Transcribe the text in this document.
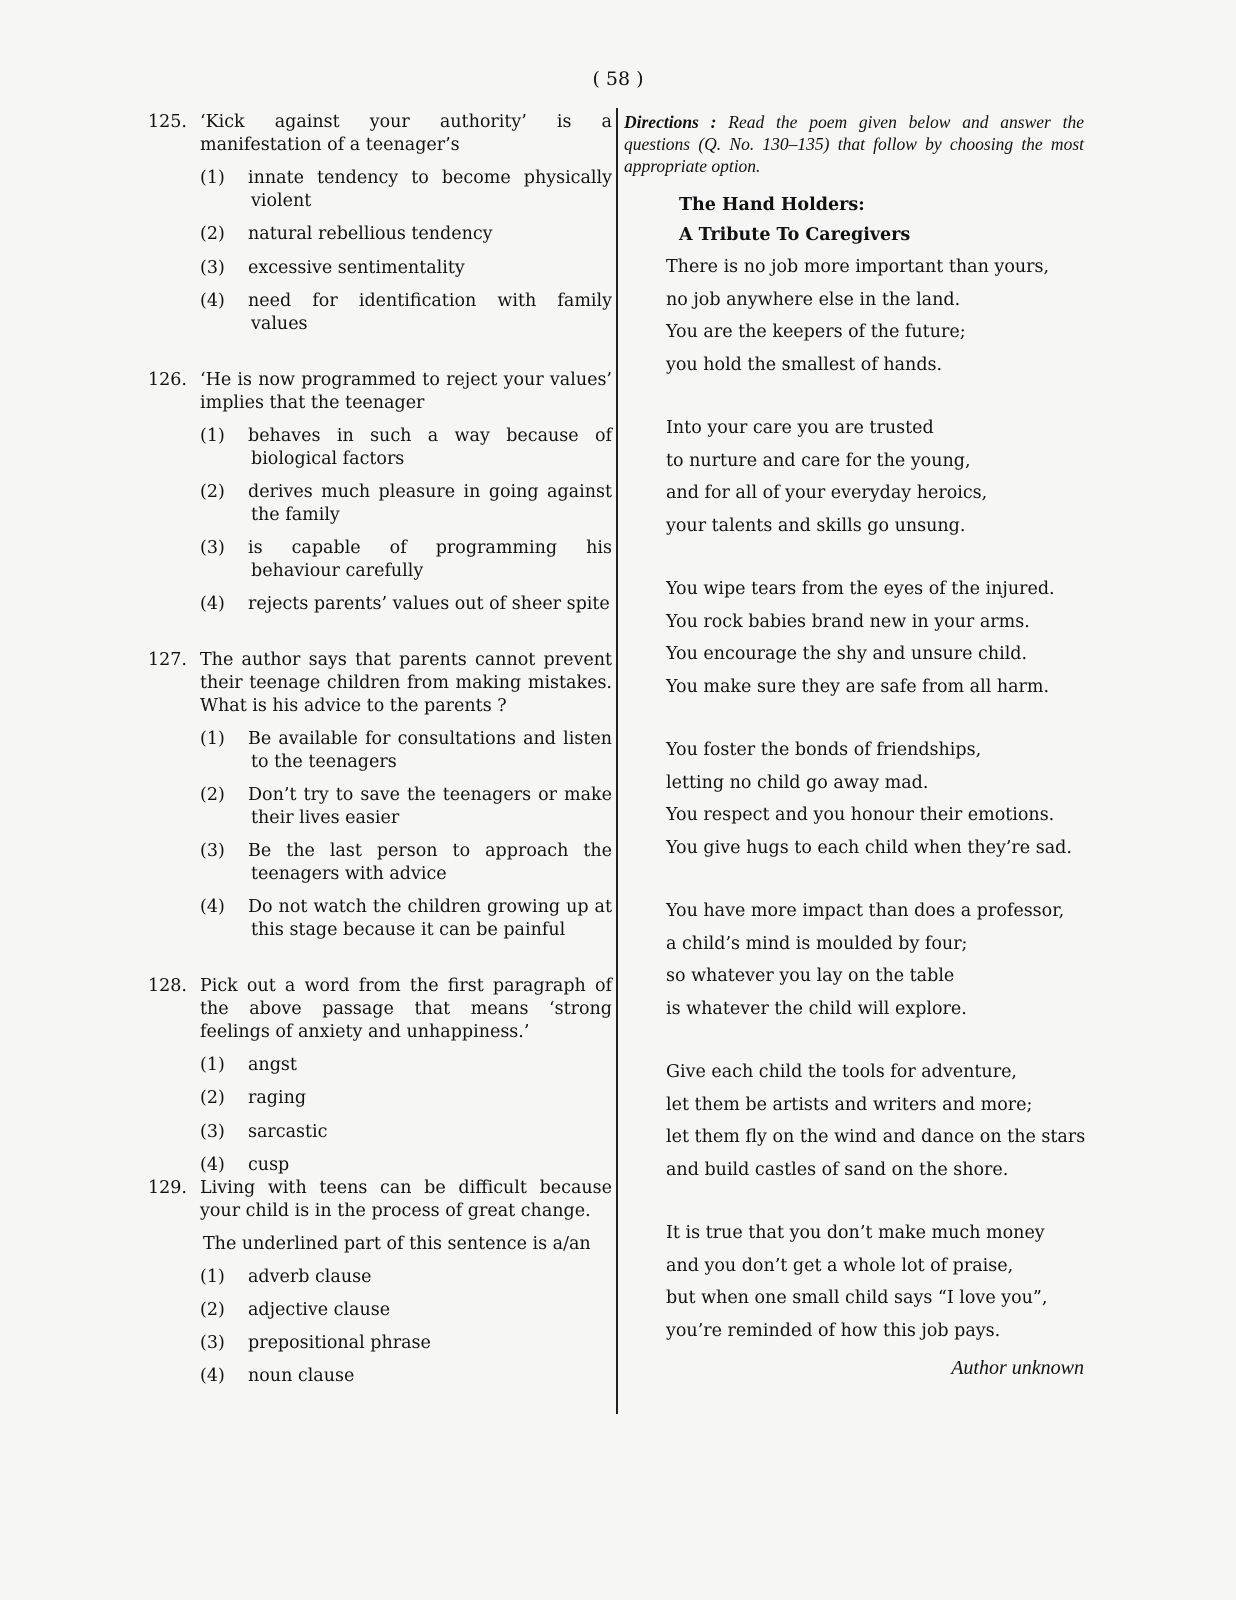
( 58 )
125. ‘Kick against your authority’ is a manifestation of a teenager’s
(1)	innate tendency to become physically
violent
(2)	natural rebellious tendency
(3)	excessive sentimentality
(4)	need for identification with family
values
126. ‘He is now programmed to reject your values’ implies that the teenager
(1)	behaves in such a way because of
biological factors
(2)	derives much pleasure in going against
the family
(3)	is capable of programming his
behaviour carefully
(4)	rejects parents’ values out of sheer spite
127. The author says that parents cannot prevent their teenage children from making mistakes. What is his advice to the parents ?
(1)	Be available for consultations and listen
to the teenagers
(2)	Don’t try to save the teenagers or make
their lives easier
(3)	Be the last person to approach the
teenagers with advice
(4)	Do not watch the children growing up at
this stage because it can be painful
128. Pick out a word from the first paragraph of the above passage that means ‘strong feelings of anxiety and unhappiness.’
(1)	angst
(2)	raging
(3)	sarcastic
(4)	cusp
129. Living with teens can be difficult because your child is in the process of great change.
The underlined part of this sentence is a/an
(1)	adverb clause
(2)	adjective clause
(3)	prepositional phrase
(4)	noun clause
Directions : Read the poem given below and answer the questions (Q. No. 130–135) that follow by choosing the most appropriate option.
The Hand Holders:
A Tribute To Caregivers
There is no job more important than yours,
no job anywhere else in the land.
You are the keepers of the future;
you hold the smallest of hands.
Into your care you are trusted
to nurture and care for the young,
and for all of your everyday heroics,
your talents and skills go unsung.
You wipe tears from the eyes of the injured.
You rock babies brand new in your arms.
You encourage the shy and unsure child.
You make sure they are safe from all harm.
You foster the bonds of friendships,
letting no child go away mad.
You respect and you honour their emotions.
You give hugs to each child when they’re sad.
You have more impact than does a professor,
a child’s mind is moulded by four;
so whatever you lay on the table
is whatever the child will explore.
Give each child the tools for adventure,
let them be artists and writers and more;
let them fly on the wind and dance on the stars
and build castles of sand on the shore.
It is true that you don’t make much money
and you don’t get a whole lot of praise,
but when one small child says “I love you”,
you’re reminded of how this job pays.
Author unknown
